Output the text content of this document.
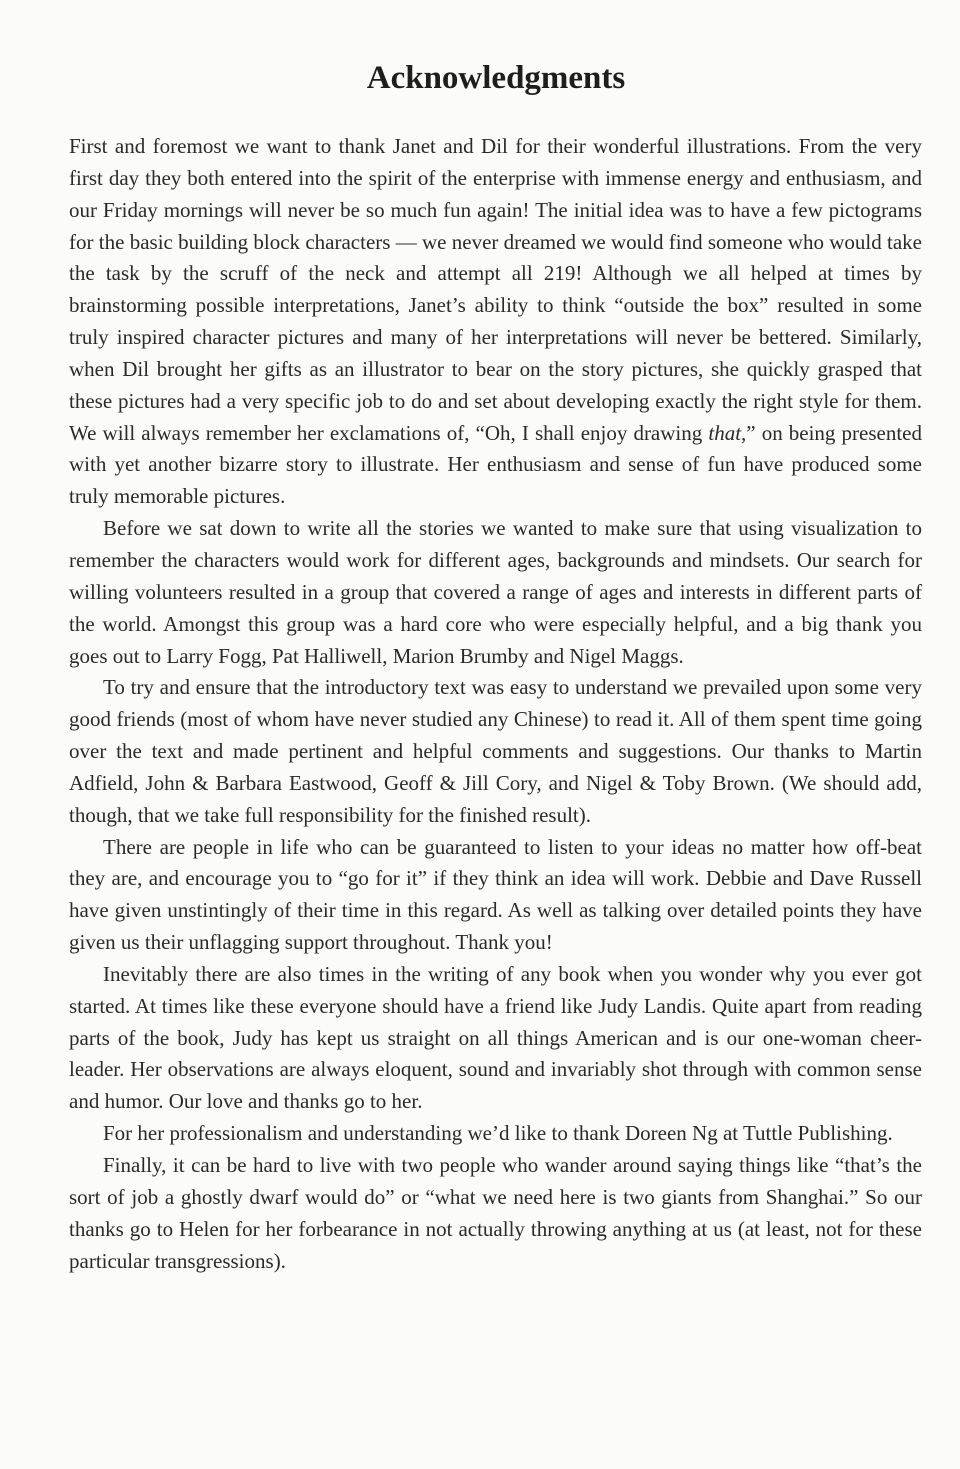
Acknowledgments

First and foremost we want to thank Janet and Dil for their wonderful illustrations. From the very first day they both entered into the spirit of the enterprise with immense energy and enthusiasm, and our Friday mornings will never be so much fun again! The initial idea was to have a few pictograms for the basic building block characters — we never dreamed we would find someone who would take the task by the scruff of the neck and attempt all 219! Although we all helped at times by brainstorming possible interpretations, Janet’s ability to think “outside the box” resulted in some truly inspired character pictures and many of her interpretations will never be bettered. Similarly, when Dil brought her gifts as an illustrator to bear on the story pictures, she quickly grasped that these pictures had a very specific job to do and set about developing exactly the right style for them. We will always remember her exclamations of, “Oh, I shall enjoy drawing that,” on being presented with yet another bizarre story to illustrate. Her enthusiasm and sense of fun have produced some truly memorable pictures.

Before we sat down to write all the stories we wanted to make sure that using visualization to remember the characters would work for different ages, backgrounds and mindsets. Our search for willing volunteers resulted in a group that covered a range of ages and interests in different parts of the world. Amongst this group was a hard core who were especially helpful, and a big thank you goes out to Larry Fogg, Pat Halliwell, Marion Brumby and Nigel Maggs.

To try and ensure that the introductory text was easy to understand we prevailed upon some very good friends (most of whom have never studied any Chinese) to read it. All of them spent time going over the text and made pertinent and helpful comments and suggestions. Our thanks to Martin Adfield, John & Barbara Eastwood, Geoff & Jill Cory, and Nigel & Toby Brown. (We should add, though, that we take full responsibility for the finished result).

There are people in life who can be guaranteed to listen to your ideas no matter how off-beat they are, and encourage you to “go for it” if they think an idea will work. Debbie and Dave Russell have given unstintingly of their time in this regard. As well as talking over detailed points they have given us their unflagging support throughout. Thank you!

Inevitably there are also times in the writing of any book when you wonder why you ever got started. At times like these everyone should have a friend like Judy Landis. Quite apart from reading parts of the book, Judy has kept us straight on all things American and is our one-woman cheer-leader. Her observations are always eloquent, sound and invariably shot through with common sense and humor. Our love and thanks go to her.

For her professionalism and understanding we’d like to thank Doreen Ng at Tuttle Publishing.

Finally, it can be hard to live with two people who wander around saying things like “that’s the sort of job a ghostly dwarf would do” or “what we need here is two giants from Shanghai.” So our thanks go to Helen for her forbearance in not actually throwing anything at us (at least, not for these particular transgressions).
